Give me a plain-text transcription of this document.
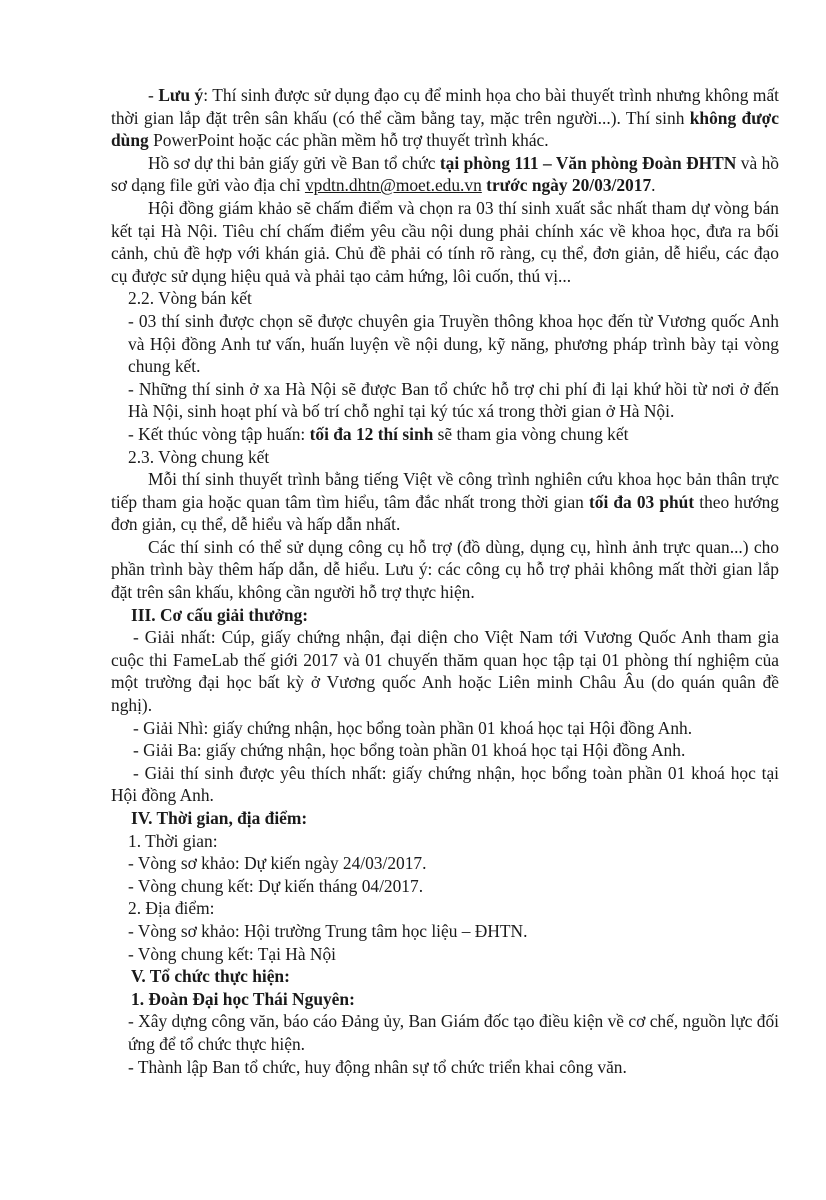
- Lưu ý: Thí sinh được sử dụng đạo cụ để minh họa cho bài thuyết trình nhưng không mất thời gian lắp đặt trên sân khấu (có thể cầm bằng tay, mặc trên người...). Thí sinh không được dùng PowerPoint hoặc các phần mềm hỗ trợ thuyết trình khác.

Hồ sơ dự thi bản giấy gửi về Ban tổ chức tại phòng 111 – Văn phòng Đoàn ĐHTN và hồ sơ dạng file gửi vào địa chỉ vpdtn.dhtn@moet.edu.vn trước ngày 20/03/2017.

Hội đồng giám khảo sẽ chấm điểm và chọn ra 03 thí sinh xuất sắc nhất tham dự vòng bán kết tại Hà Nội. Tiêu chí chấm điểm yêu cầu nội dung phải chính xác về khoa học, đưa ra bối cảnh, chủ đề hợp với khán giả. Chủ đề phải có tính rõ ràng, cụ thể, đơn giản, dễ hiểu, các đạo cụ được sử dụng hiệu quả và phải tạo cảm hứng, lôi cuốn, thú vị...

2.2. Vòng bán kết

- 03 thí sinh được chọn sẽ được chuyên gia Truyền thông khoa học đến từ Vương quốc Anh và Hội đồng Anh tư vấn, huấn luyện về nội dung, kỹ năng, phương pháp trình bày tại vòng chung kết.

- Những thí sinh ở xa Hà Nội sẽ được Ban tổ chức hỗ trợ chi phí đi lại khứ hồi từ nơi ở đến Hà Nội, sinh hoạt phí và bố trí chỗ nghỉ tại ký túc xá trong thời gian ở Hà Nội.

- Kết thúc vòng tập huấn: tối đa 12 thí sinh sẽ tham gia vòng chung kết

2.3. Vòng chung kết

Mỗi thí sinh thuyết trình bằng tiếng Việt về công trình nghiên cứu khoa học bản thân trực tiếp tham gia hoặc quan tâm tìm hiểu, tâm đắc nhất trong thời gian tối đa 03 phút theo hướng đơn giản, cụ thể, dễ hiểu và hấp dẫn nhất.

Các thí sinh có thể sử dụng công cụ hỗ trợ (đồ dùng, dụng cụ, hình ảnh trực quan...) cho phần trình bày thêm hấp dẫn, dễ hiểu. Lưu ý: các công cụ hỗ trợ phải không mất thời gian lắp đặt trên sân khấu, không cần người hỗ trợ thực hiện.

III. Cơ cấu giải thưởng:

- Giải nhất: Cúp, giấy chứng nhận, đại diện cho Việt Nam tới Vương Quốc Anh tham gia cuộc thi FameLab thế giới 2017 và 01 chuyến thăm quan học tập tại 01 phòng thí nghiệm của một trường đại học bất kỳ ở Vương quốc Anh hoặc Liên minh Châu Âu (do quán quân đề nghị).

- Giải Nhì: giấy chứng nhận, học bổng toàn phần 01 khoá học tại Hội đồng Anh.

- Giải Ba: giấy chứng nhận, học bổng toàn phần 01 khoá học tại Hội đồng Anh.

- Giải thí sinh được yêu thích nhất: giấy chứng nhận, học bổng toàn phần 01 khoá học tại Hội đồng Anh.

IV. Thời gian, địa điểm:

1. Thời gian:

- Vòng sơ khảo: Dự kiến ngày 24/03/2017.

- Vòng chung kết: Dự kiến tháng 04/2017.

2. Địa điểm:

- Vòng sơ khảo: Hội trường Trung tâm học liệu – ĐHTN.

- Vòng chung kết: Tại Hà Nội

V. Tổ chức thực hiện:

1. Đoàn Đại học Thái Nguyên:

- Xây dựng công văn, báo cáo Đảng ủy, Ban Giám đốc tạo điều kiện về cơ chế, nguồn lực đối ứng để tổ chức thực hiện.

- Thành lập Ban tổ chức, huy động nhân sự tổ chức triển khai công văn.
